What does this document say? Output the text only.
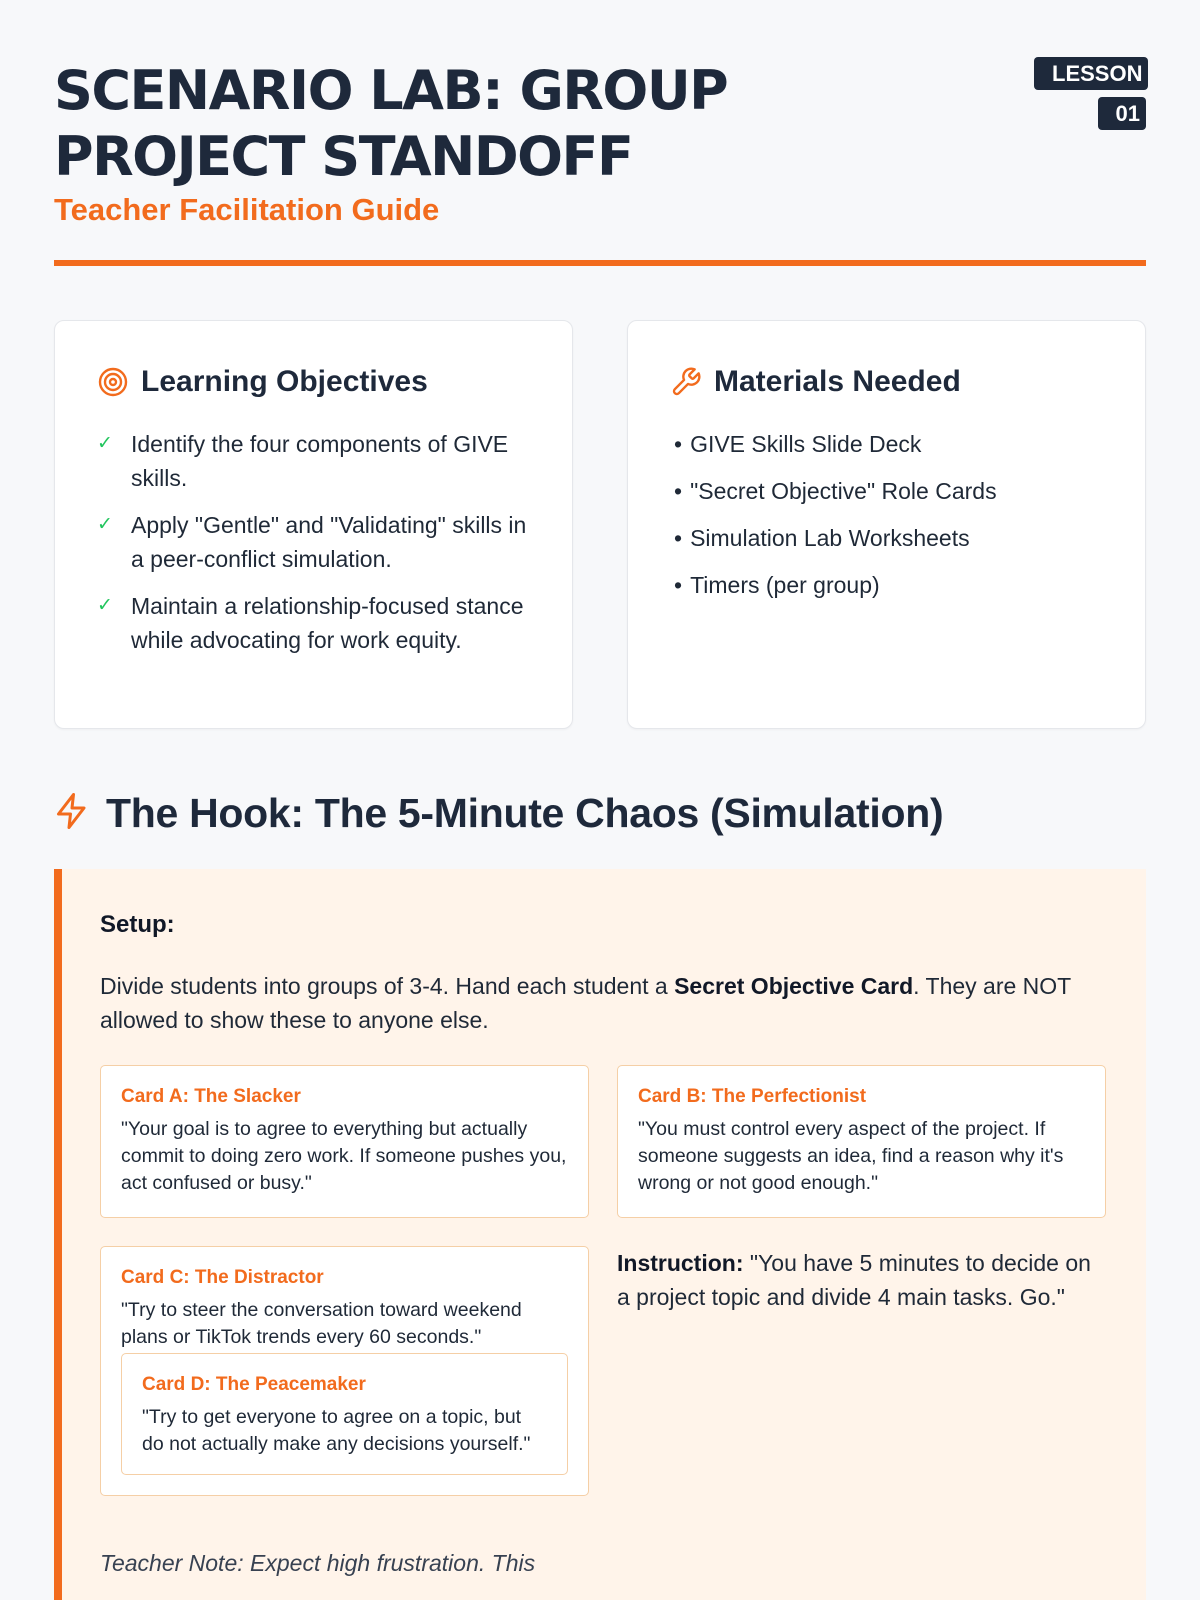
SCENARIO LAB: GROUP PROJECT STANDOFF
Teacher Facilitation Guide
LESSON 01
Learning Objectives
✓ Identify the four components of GIVE skills.
✓ Apply "Gentle" and "Validating" skills in a peer-conflict simulation.
✓ Maintain a relationship-focused stance while advocating for work equity.
Materials Needed
• GIVE Skills Slide Deck
• "Secret Objective" Role Cards
• Simulation Lab Worksheets
• Timers (per group)
The Hook: The 5-Minute Chaos (Simulation)
Setup:

Divide students into groups of 3-4. Hand each student a Secret Objective Card. They are NOT allowed to show these to anyone else.

Card A: The Slacker
"Your goal is to agree to everything but actually commit to doing zero work. If someone pushes you, act confused or busy."
Card B: The Perfectionist
"You must control every aspect of the project. If someone suggests an idea, find a reason why it's wrong or not good enough."
Card C: The Distractor
"Try to steer the conversation toward weekend plans or TikTok trends every 60 seconds."
Card D: The Peacemaker
"Try to get everyone to agree on a topic, but do not actually make any decisions yourself."
Instruction: "You have 5 minutes to decide on a project topic and divide 4 main tasks. Go."
Teacher Note: Expect high frustration. This
